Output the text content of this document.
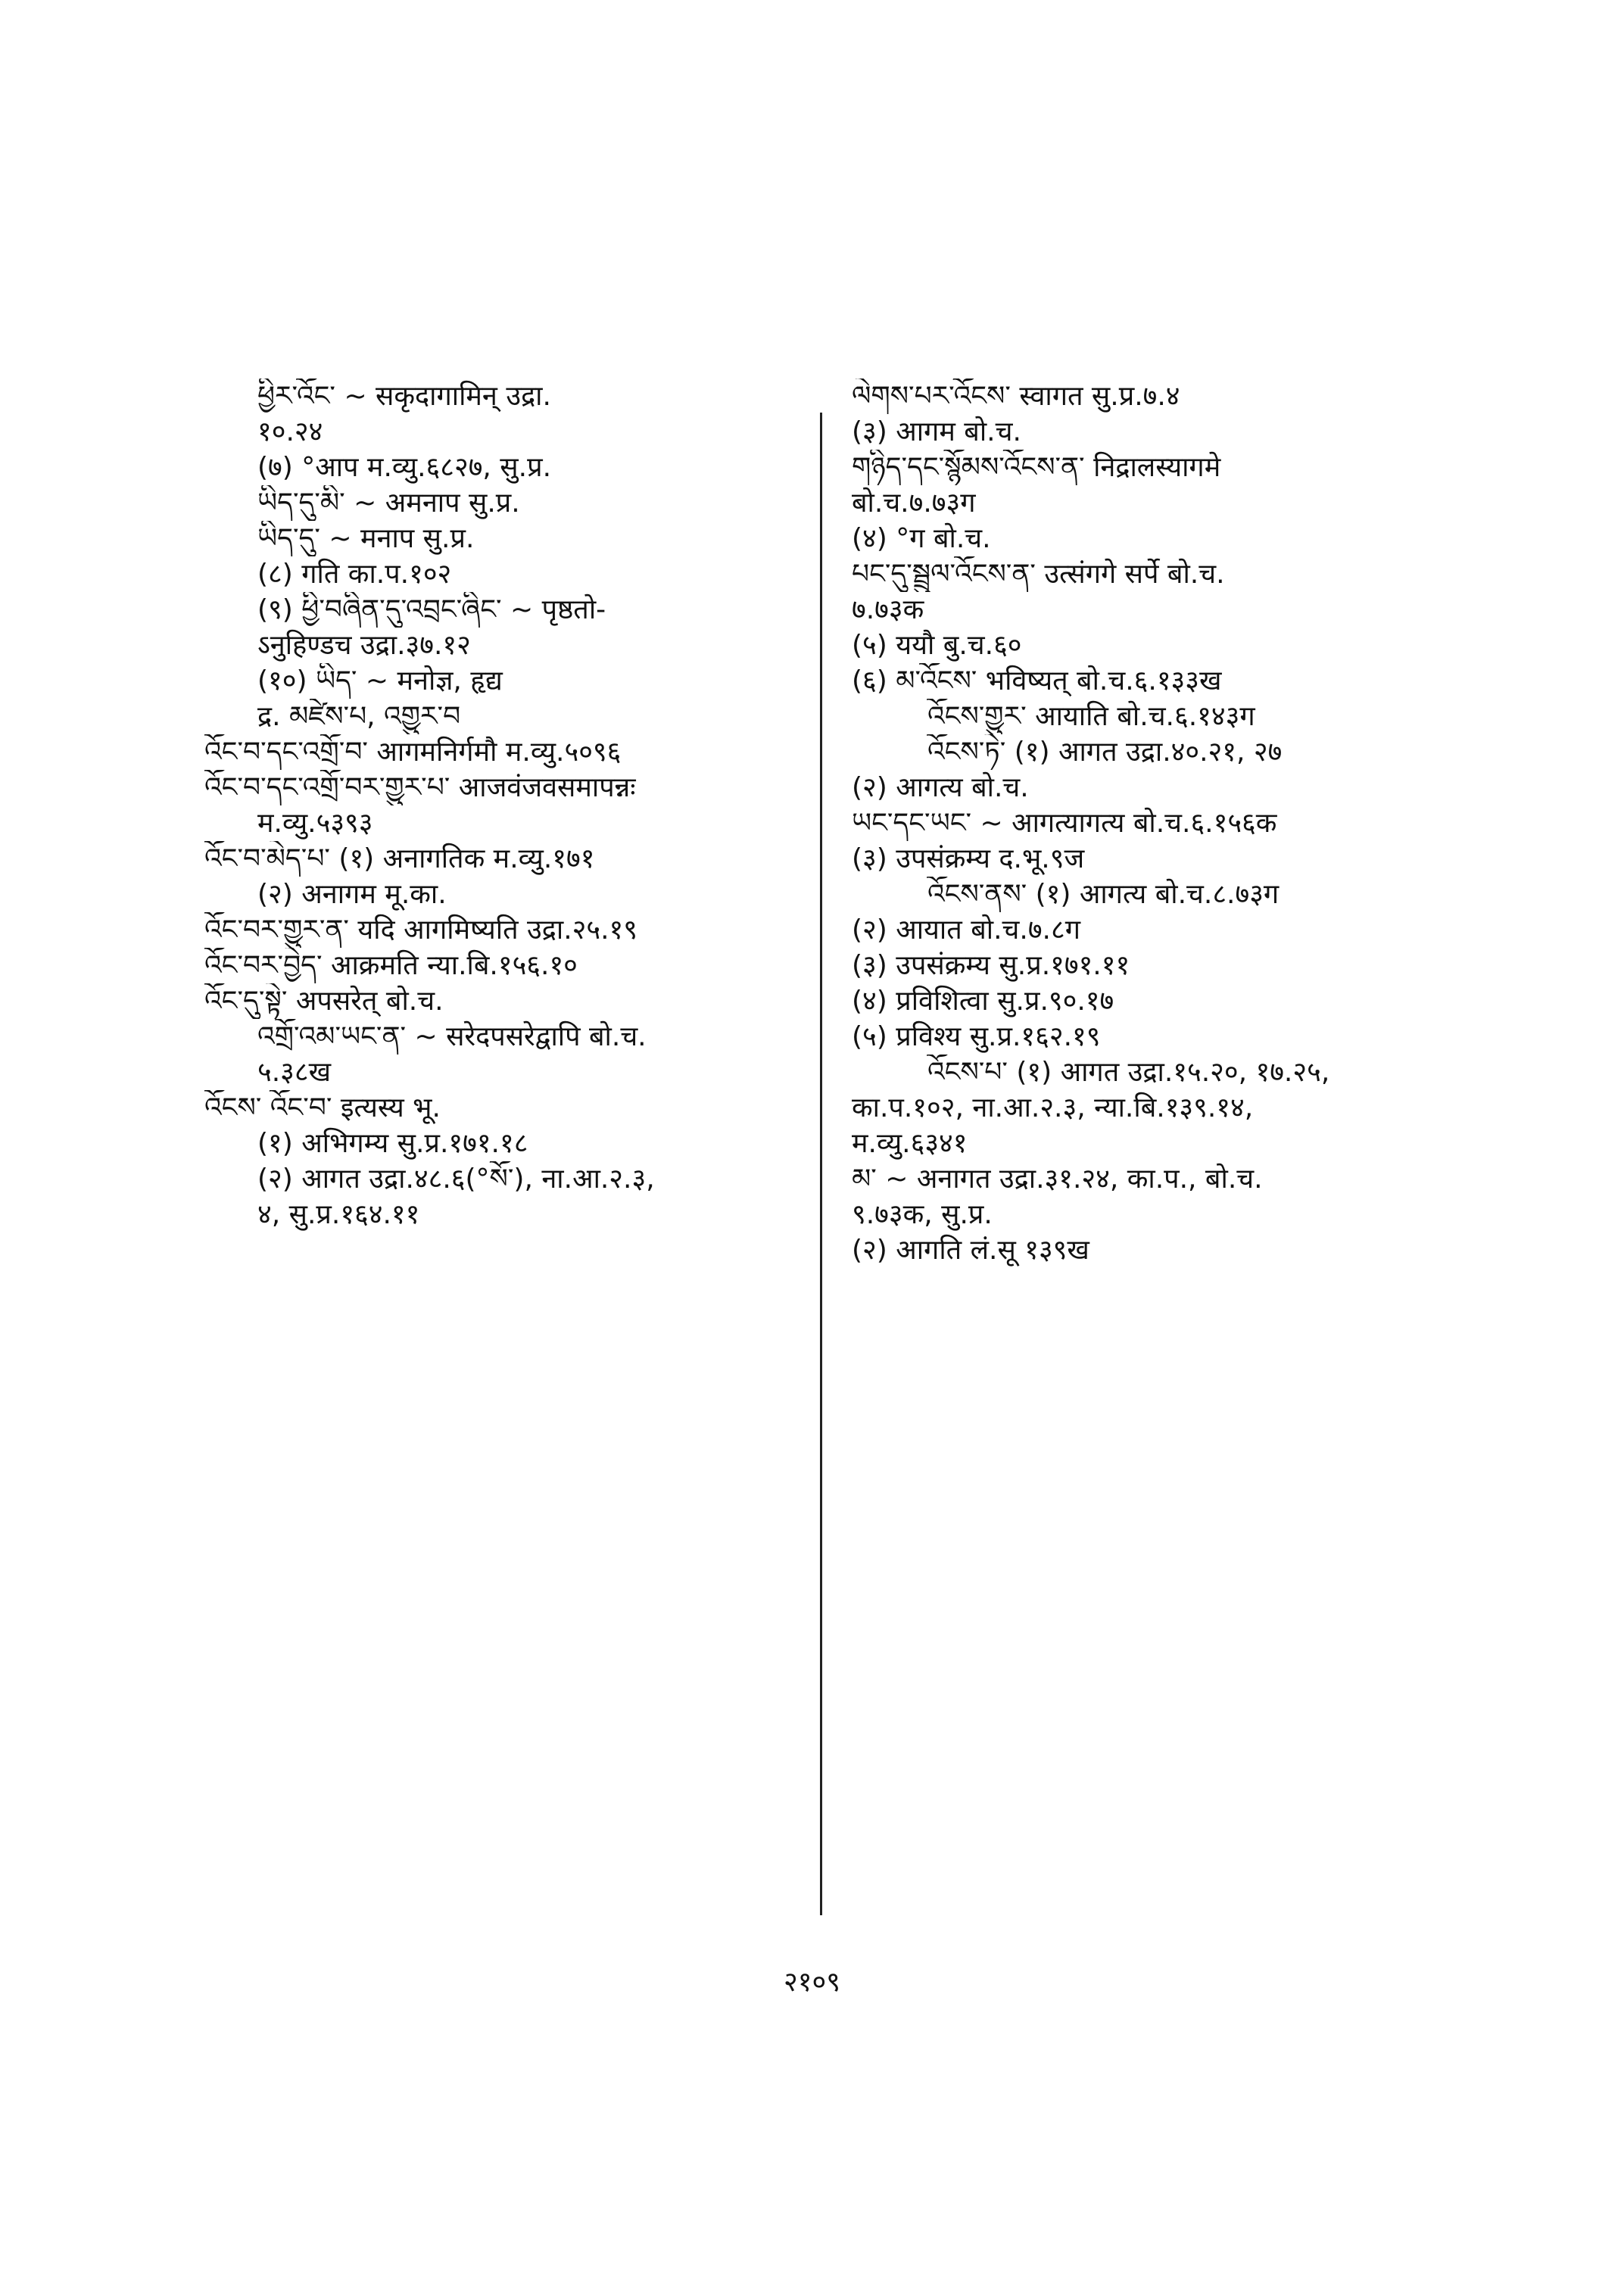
ཕྱིར་འོང་ ~ सकृदागामिन् उद्रा.
१०.२४
(७) °आप म.व्यु.६८२७, सु.प्र.
ཡིད་དུ་མི་ ~ अमनाप सु.प्र.
ཡིད་དུ་ ~ मनाप सु.प्र.
(८) गति का.प.१०२
(९) ཕྱི་བཞིན་དུ་འབྲང་ཞིང་ ~ पृष्ठतो-
ऽनुहिण्डच उद्रा.३७.१२
(१०) ཡིད་ ~ मनोज्ञ, हृद्य
द्र. མཛེས་པ, འགྱུར་བ
འོང་བ་དང་འགྲོ་བ་ आगमनिर्गमौ म.व्यु.५०९६
འོང་བ་དང་འགྲོ་བར་གྱུར་པ་ आजवंजवसमापन्नः
म.व्यु.५३९३
འོང་བ་མེད་པ་ (१) अनागतिक म.व्यु.१७१
(२) अनागम मू.का.
འོང་བར་གྱུར་ན་ यदि आगमिष्यति उद्रा.२५.१९
འོང་བར་བྱེད་ आक्रमति न्या.बि.१५६.१०
འོང་དུ་སྟེ་ अपसरेत् बो.च.
འགྲོ་འམ་ཡང་ན་ ~ सरेदपसरेद्वापि बो.च.
५.३८ख
འོངས་ འོང་བ་ इत्यस्य भू.
(१) अभिगम्य सु.प्र.१७१.१८
(२) आगत उद्रा.४८.६(°སོ་), ना.आ.२.३,
४, सु.प्र.१६४.११
ལེགས་པར་འོངས་ स्वागत सु.प्र.७.४
(३) आगम बो.च.
གཉིད་དང་སྙོམས་འོངས་ན་ निद्रालस्यागमे
बो.च.७.७३ग
(४) °ग बो.च.
པང་དུ་སྦྲུལ་འོངས་ན་ उत्संगगे सर्पे बो.च.
७.७३क
(५) ययौ बु.च.६०
(६) མ་འོངས་ भविष्यत् बो.च.६.१३३ख
འོངས་གྱུར་ आयाति बो.च.६.१४३ग
འོངས་ཏེ་ (१) आगत उद्रा.४०.२१, २७
(२) आगत्य बो.च.
ཡང་དང་ཡང་ ~ आगत्यागत्य बो.च.६.१५६क
(३) उपसंक्रम्य द.भू.९ज
འོངས་ནས་ (१) आगत्य बो.च.८.७३ग
(२) आयात बो.च.७.८ग
(३) उपसंक्रम्य सु.प्र.१७१.११
(४) प्रविशित्वा सु.प्र.९०.१७
(५) प्रविश्य सु.प्र.१६२.१९
འོངས་པ་ (१) आगत उद्रा.१५.२०, १७.२५,
का.प.१०२, ना.आ.२.३, न्या.बि.१३९.१४,
म.व्यु.६३४१
མ་ ~ अनागत उद्रा.३१.२४, का.प., बो.च.
९.७३क, सु.प्र.
(२) आगति लं.सू १३९ख
२१०९
